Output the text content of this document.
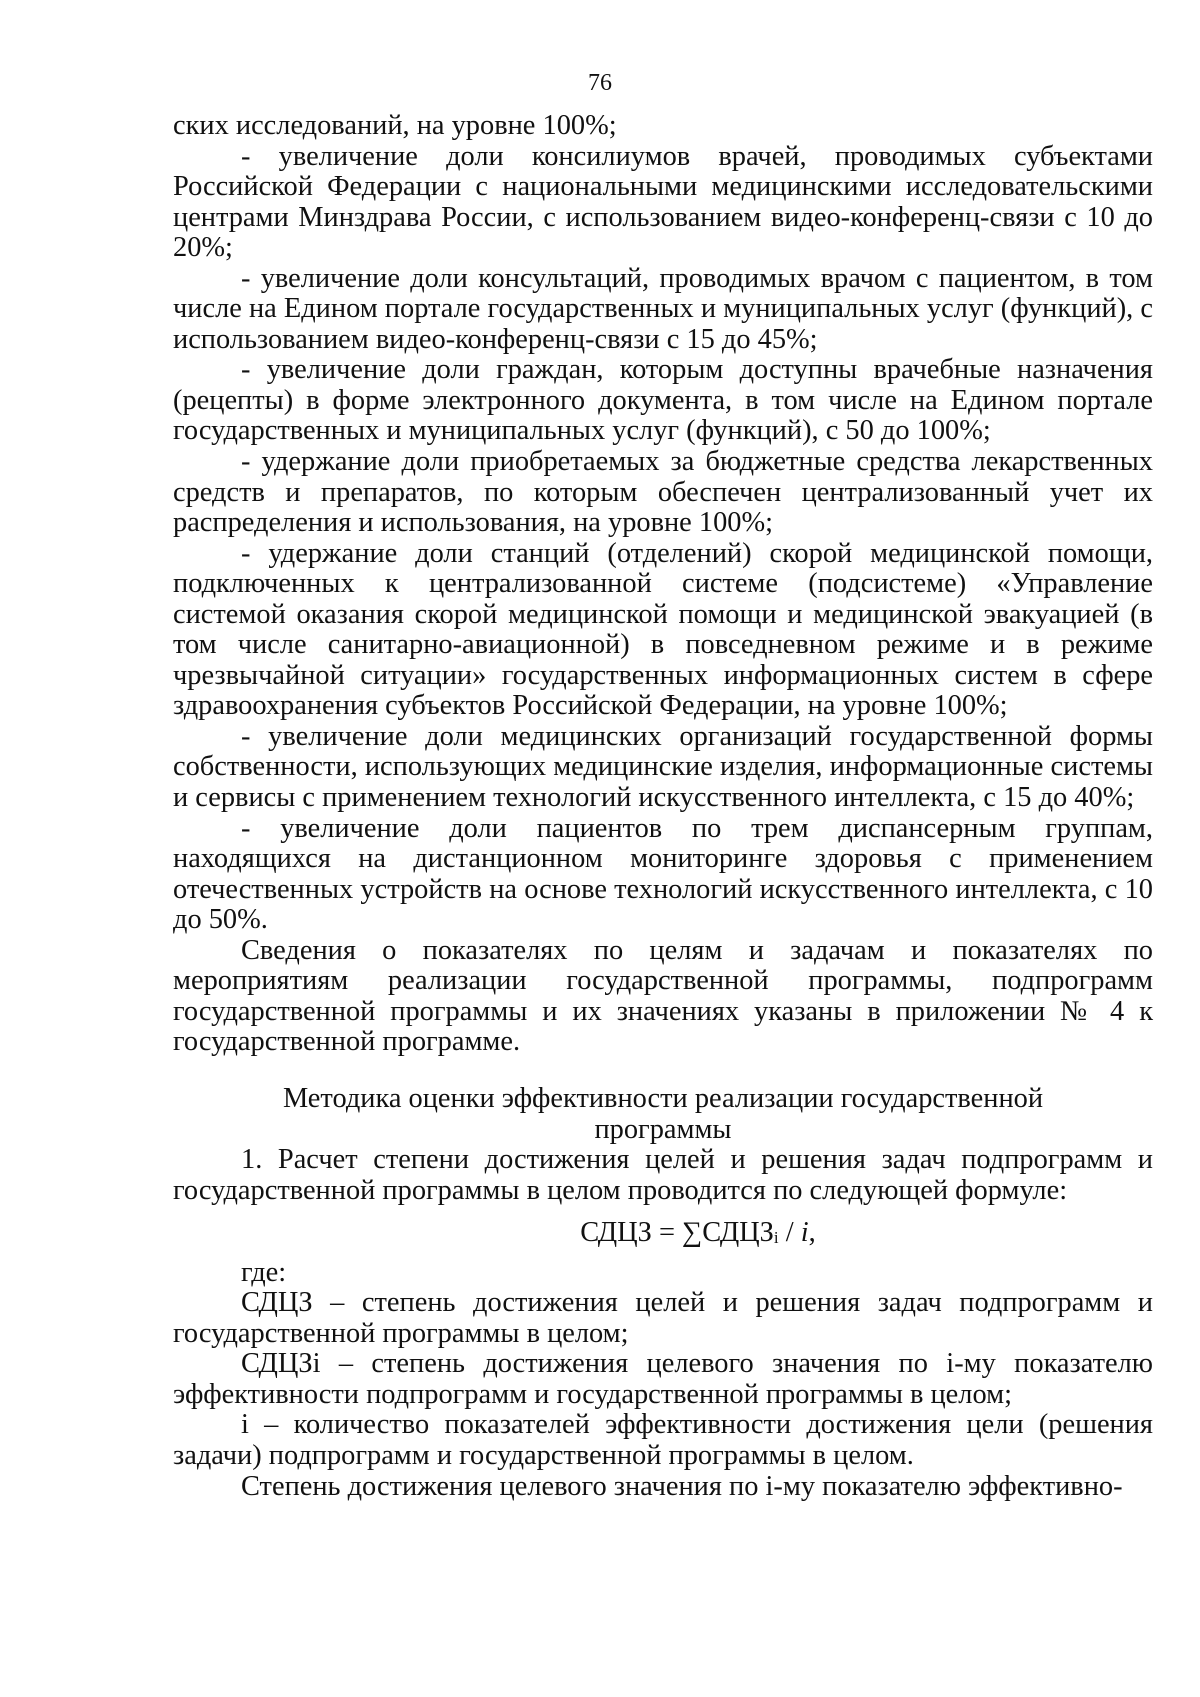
76

ских исследований, на уровне 100%;

- увеличение доли консилиумов врачей, проводимых субъектами Российской Федерации с национальными медицинскими исследовательскими центрами Минздрава России, с использованием видео-конференц-связи с 10 до 20%;

- увеличение доли консультаций, проводимых врачом с пациентом, в том числе на Едином портале государственных и муниципальных услуг (функций), с использованием видео-конференц-связи с 15 до 45%;

- увеличение доли граждан, которым доступны врачебные назначения (рецепты) в форме электронного документа, в том числе на Едином портале государственных и муниципальных услуг (функций), с 50 до 100%;

- удержание доли приобретаемых за бюджетные средства лекарственных средств и препаратов, по которым обеспечен централизованный учет их распределения и использования, на уровне 100%;

- удержание доли станций (отделений) скорой медицинской помощи, подключенных к централизованной системе (подсистеме) «Управление системой оказания скорой медицинской помощи и медицинской эвакуацией (в том числе санитарно-авиационной) в повседневном режиме и в режиме чрезвычайной ситуации» государственных информационных систем в сфере здравоохранения субъектов Российской Федерации, на уровне 100%;

- увеличение доли медицинских организаций государственной формы собственности, использующих медицинские изделия, информационные системы и сервисы с применением технологий искусственного интеллекта, с 15 до 40%;

- увеличение доли пациентов по трем диспансерным группам, находящихся на дистанционном мониторинге здоровья с применением отечественных устройств на основе технологий искусственного интеллекта, с 10 до 50%.

Сведения о показателях по целям и задачам и показателях по мероприятиям реализации государственной программы, подпрограмм государственной программы и их значениях указаны в приложении № 4 к государственной программе.

Методика оценки эффективности реализации государственной
программы

1. Расчет степени достижения целей и решения задач подпрограмм и государственной программы в целом проводится по следующей формуле:

СДЦЗ = $\sum СДЦЗ_i$ / i,

где:

СДЦЗ – степень достижения целей и решения задач подпрограмм и государственной программы в целом;

СДЦЗi – степень достижения целевого значения по i-му показателю эффективности подпрограмм и государственной программы в целом;

i – количество показателей эффективности достижения цели (решения задачи) подпрограмм и государственной программы в целом.

Степень достижения целевого значения по i-му показателю эффективно-
